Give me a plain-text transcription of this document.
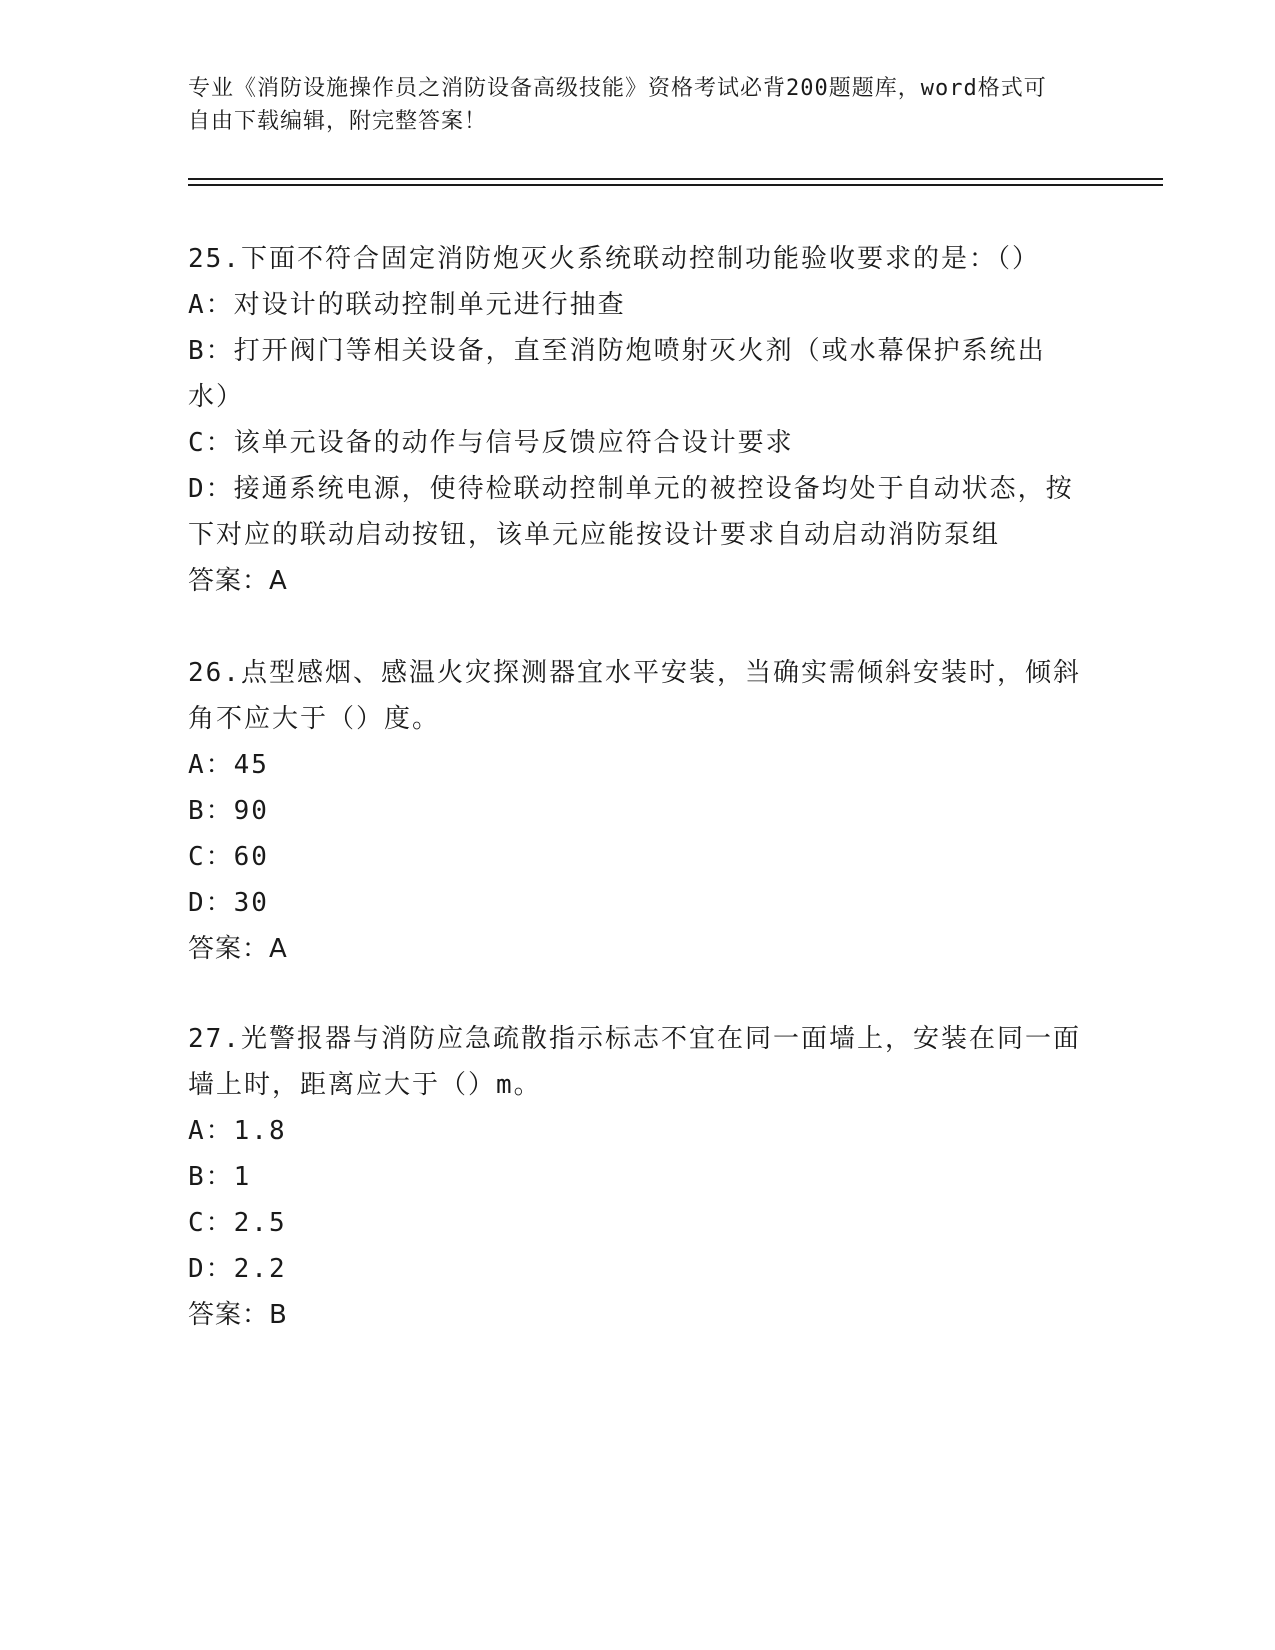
专业《消防设施操作员之消防设备高级技能》资格考试必背200题题库，word格式可自由下载编辑，附完整答案！
25.下面不符合固定消防炮灭火系统联动控制功能验收要求的是：（）
A：对设计的联动控制单元进行抽查
B：打开阀门等相关设备，直至消防炮喷射灭火剂（或水幕保护系统出水）
C：该单元设备的动作与信号反馈应符合设计要求
D：接通系统电源，使待检联动控制单元的被控设备均处于自动状态，按下对应的联动启动按钮，该单元应能按设计要求自动启动消防泵组
答案：A
26.点型感烟、感温火灾探测器宜水平安装，当确实需倾斜安装时，倾斜角不应大于（）度。
A：45
B：90
C：60
D：30
答案：A
27.光警报器与消防应急疏散指示标志不宜在同一面墙上，安装在同一面墙上时，距离应大于（）m。
A：1.8
B：1
C：2.5
D：2.2
答案：B
